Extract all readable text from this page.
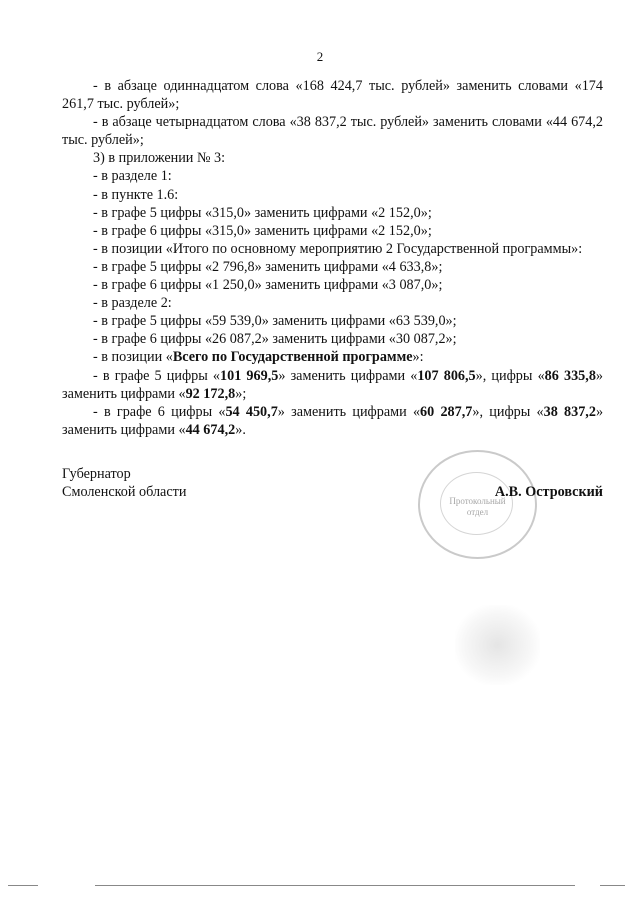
2

- в абзаце одиннадцатом слова «168 424,7 тыс. рублей» заменить словами «174 261,7 тыс. рублей»;

- в абзаце четырнадцатом слова «38 837,2 тыс. рублей» заменить словами «44 674,2 тыс. рублей»;

3) в приложении № 3:

- в разделе 1:

- в пункте 1.6:

- в графе 5 цифры «315,0» заменить цифрами «2 152,0»;

- в графе 6 цифры «315,0» заменить цифрами «2 152,0»;

- в позиции «Итого по основному мероприятию 2 Государственной программы»:

- в графе 5 цифры «2 796,8» заменить цифрами «4 633,8»;

- в графе 6 цифры «1 250,0» заменить цифрами «3 087,0»;

- в разделе 2:

- в графе 5 цифры «59 539,0» заменить цифрами «63 539,0»;

- в графе 6 цифры «26 087,2» заменить цифрами «30 087,2»;

- в позиции «Всего по Государственной программе»:

- в графе 5 цифры «101 969,5» заменить цифрами «107 806,5», цифры «86 335,8» заменить цифрами «92 172,8»;

- в графе 6 цифры «54 450,7» заменить цифрами «60 287,7», цифры «38 837,2» заменить цифрами «44 674,2».

Протокольный
отдел
Губернатор
Смоленской области	А.В. Островский
